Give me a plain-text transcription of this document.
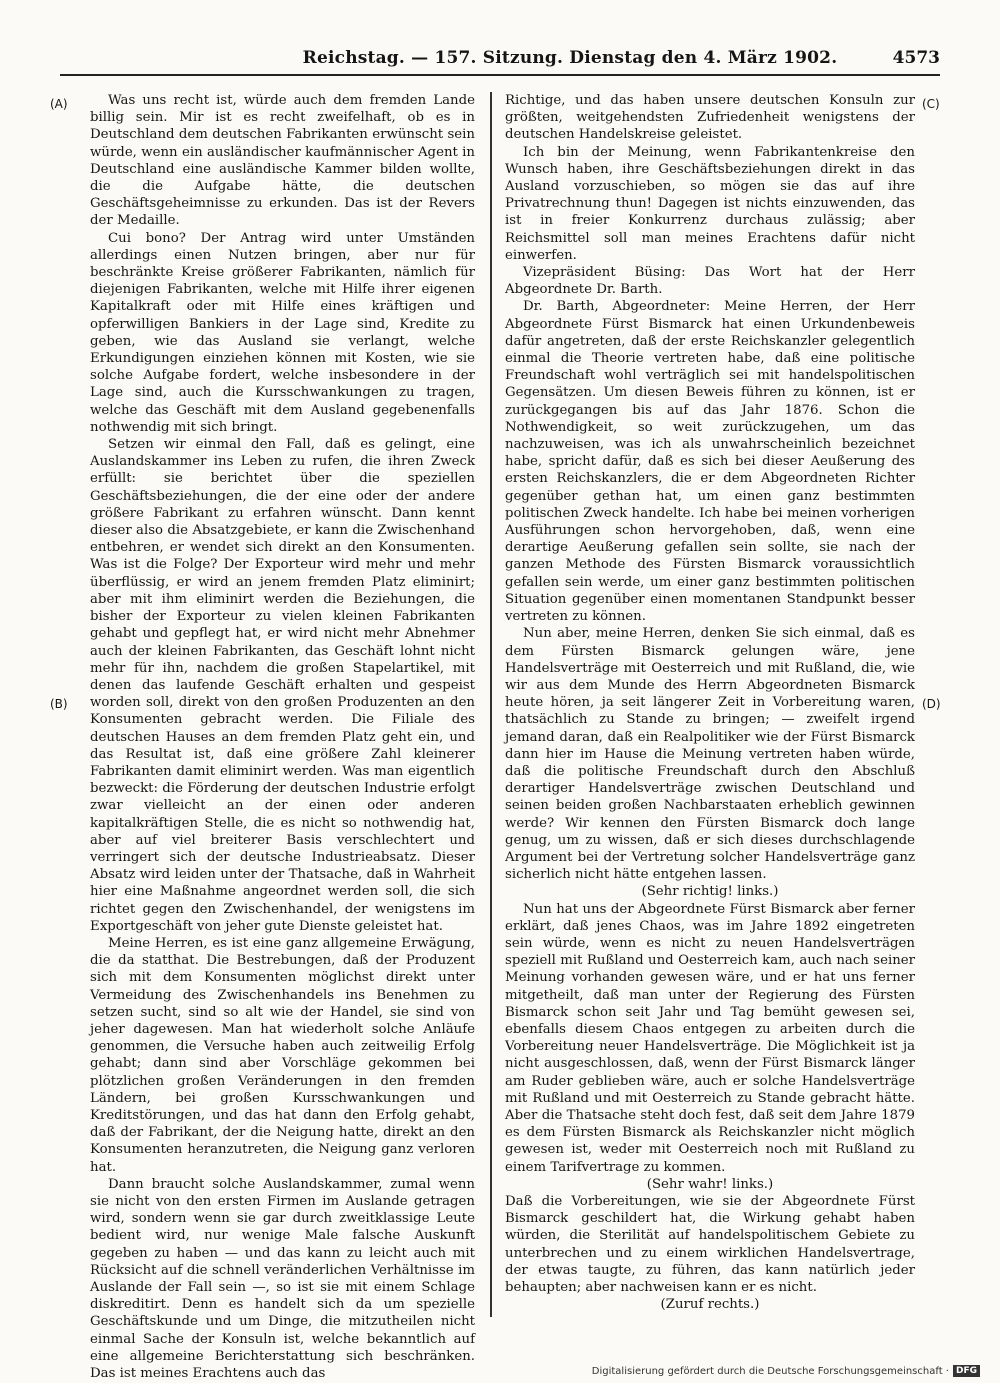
Reichstag. — 157. Sitzung. Dienstag den 4. März 1902.	4573
(A)
(B)
(C)
(D)

Was uns recht ist, würde auch dem fremden Lande billig sein. Mir ist es recht zweifelhaft, ob es in Deutschland dem deutschen Fabrikanten erwünscht sein würde, wenn ein ausländischer kaufmännischer Agent in Deutschland eine ausländische Kammer bilden wollte, die die Aufgabe hätte, die deutschen Geschäftsgeheimnisse zu erkunden. Das ist der Revers der Medaille.

Cui bono? Der Antrag wird unter Umständen allerdings einen Nutzen bringen, aber nur für beschränkte Kreise größerer Fabrikanten, nämlich für diejenigen Fabrikanten, welche mit Hilfe ihrer eigenen Kapitalkraft oder mit Hilfe eines kräftigen und opferwilligen Bankiers in der Lage sind, Kredite zu geben, wie das Ausland sie verlangt, welche Erkundigungen einziehen können mit Kosten, wie sie solche Aufgabe fordert, welche insbesondere in der Lage sind, auch die Kursschwankungen zu tragen, welche das Geschäft mit dem Ausland gegebenenfalls nothwendig mit sich bringt.

Setzen wir einmal den Fall, daß es gelingt, eine Auslandskammer ins Leben zu rufen, die ihren Zweck erfüllt: sie berichtet über die speziellen Geschäftsbeziehungen, die der eine oder der andere größere Fabrikant zu erfahren wünscht. Dann kennt dieser also die Absatzgebiete, er kann die Zwischenhand entbehren, er wendet sich direkt an den Konsumenten. Was ist die Folge? Der Exporteur wird mehr und mehr überflüssig, er wird an jenem fremden Platz eliminirt; aber mit ihm eliminirt werden die Beziehungen, die bisher der Exporteur zu vielen kleinen Fabrikanten gehabt und gepflegt hat, er wird nicht mehr Abnehmer auch der kleinen Fabrikanten, das Geschäft lohnt nicht mehr für ihn, nachdem die großen Stapelartikel, mit denen das laufende Geschäft erhalten und gespeist worden soll, direkt von den großen Produzenten an den Konsumenten gebracht werden. Die Filiale des deutschen Hauses an dem fremden Platz geht ein, und das Resultat ist, daß eine größere Zahl kleinerer Fabrikanten damit eliminirt werden. Was man eigentlich bezweckt: die Förderung der deutschen Industrie erfolgt zwar vielleicht an der einen oder anderen kapitalkräftigen Stelle, die es nicht so nothwendig hat, aber auf viel breiterer Basis verschlechtert und verringert sich der deutsche Industrieabsatz. Dieser Absatz wird leiden unter der Thatsache, daß in Wahrheit hier eine Maßnahme angeordnet werden soll, die sich richtet gegen den Zwischenhandel, der wenigstens im Exportgeschäft von jeher gute Dienste geleistet hat.

Meine Herren, es ist eine ganz allgemeine Erwägung, die da statthat. Die Bestrebungen, daß der Produzent sich mit dem Konsumenten möglichst direkt unter Vermeidung des Zwischenhandels ins Benehmen zu setzen sucht, sind so alt wie der Handel, sie sind von jeher dagewesen. Man hat wiederholt solche Anläufe genommen, die Versuche haben auch zeitweilig Erfolg gehabt; dann sind aber Vorschläge gekommen bei plötzlichen großen Veränderungen in den fremden Ländern, bei großen Kursschwankungen und Kreditstörungen, und das hat dann den Erfolg gehabt, daß der Fabrikant, der die Neigung hatte, direkt an den Konsumenten heranzutreten, die Neigung ganz verloren hat.

Dann braucht solche Auslandskammer, zumal wenn sie nicht von den ersten Firmen im Auslande getragen wird, sondern wenn sie gar durch zweitklassige Leute bedient wird, nur wenige Male falsche Auskunft gegeben zu haben — und das kann zu leicht auch mit Rücksicht auf die schnell veränderlichen Verhältnisse im Auslande der Fall sein —, so ist sie mit einem Schlage diskreditirt. Denn es handelt sich da um spezielle Geschäftskunde und um Dinge, die mitzutheilen nicht einmal Sache der Konsuln ist, welche bekanntlich auf eine allgemeine Berichterstattung sich beschränken. Das ist meines Erachtens auch das

Richtige, und das haben unsere deutschen Konsuln zur größten, weitgehendsten Zufriedenheit wenigstens der deutschen Handelskreise geleistet.

Ich bin der Meinung, wenn Fabrikantenkreise den Wunsch haben, ihre Geschäftsbeziehungen direkt in das Ausland vorzuschieben, so mögen sie das auf ihre Privatrechnung thun! Dagegen ist nichts einzuwenden, das ist in freier Konkurrenz durchaus zulässig; aber Reichsmittel soll man meines Erachtens dafür nicht einwerfen.

Vizepräsident Büsing: Das Wort hat der Herr Abgeordnete Dr. Barth.

Dr. Barth, Abgeordneter: Meine Herren, der Herr Abgeordnete Fürst Bismarck hat einen Urkundenbeweis dafür angetreten, daß der erste Reichskanzler gelegentlich einmal die Theorie vertreten habe, daß eine politische Freundschaft wohl verträglich sei mit handelspolitischen Gegensätzen. Um diesen Beweis führen zu können, ist er zurückgegangen bis auf das Jahr 1876. Schon die Nothwendigkeit, so weit zurückzugehen, um das nachzuweisen, was ich als unwahrscheinlich bezeichnet habe, spricht dafür, daß es sich bei dieser Aeußerung des ersten Reichskanzlers, die er dem Abgeordneten Richter gegenüber gethan hat, um einen ganz bestimmten politischen Zweck handelte. Ich habe bei meinen vorherigen Ausführungen schon hervorgehoben, daß, wenn eine derartige Aeußerung gefallen sein sollte, sie nach der ganzen Methode des Fürsten Bismarck voraussichtlich gefallen sein werde, um einer ganz bestimmten politischen Situation gegenüber einen momentanen Standpunkt besser vertreten zu können.

Nun aber, meine Herren, denken Sie sich einmal, daß es dem Fürsten Bismarck gelungen wäre, jene Handelsverträge mit Oesterreich und mit Rußland, die, wie wir aus dem Munde des Herrn Abgeordneten Bismarck heute hören, ja seit längerer Zeit in Vorbereitung waren, thatsächlich zu Stande zu bringen; — zweifelt irgend jemand daran, daß ein Realpolitiker wie der Fürst Bismarck dann hier im Hause die Meinung vertreten haben würde, daß die politische Freundschaft durch den Abschluß derartiger Handelsverträge zwischen Deutschland und seinen beiden großen Nachbarstaaten erheblich gewinnen werde? Wir kennen den Fürsten Bismarck doch lange genug, um zu wissen, daß er sich dieses durchschlagende Argument bei der Vertretung solcher Handelsverträge ganz sicherlich nicht hätte entgehen lassen.

(Sehr richtig! links.)

Nun hat uns der Abgeordnete Fürst Bismarck aber ferner erklärt, daß jenes Chaos, was im Jahre 1892 eingetreten sein würde, wenn es nicht zu neuen Handelsverträgen speziell mit Rußland und Oesterreich kam, auch nach seiner Meinung vorhanden gewesen wäre, und er hat uns ferner mitgetheilt, daß man unter der Regierung des Fürsten Bismarck schon seit Jahr und Tag bemüht gewesen sei, ebenfalls diesem Chaos entgegen zu arbeiten durch die Vorbereitung neuer Handelsverträge. Die Möglichkeit ist ja nicht ausgeschlossen, daß, wenn der Fürst Bismarck länger am Ruder geblieben wäre, auch er solche Handelsverträge mit Rußland und mit Oesterreich zu Stande gebracht hätte. Aber die Thatsache steht doch fest, daß seit dem Jahre 1879 es dem Fürsten Bismarck als Reichskanzler nicht möglich gewesen ist, weder mit Oesterreich noch mit Rußland zu einem Tarifvertrage zu kommen.

(Sehr wahr! links.)

Daß die Vorbereitungen, wie sie der Abgeordnete Fürst Bismarck geschildert hat, die Wirkung gehabt haben würden, die Sterilität auf handelspolitischem Gebiete zu unterbrechen und zu einem wirklichen Handelsvertrage, der etwas taugte, zu führen, das kann natürlich jeder behaupten; aber nachweisen kann er es nicht.

(Zuruf rechts.)

Digitalisierung gefördert durch die Deutsche Forschungsgemeinschaft · DFG
